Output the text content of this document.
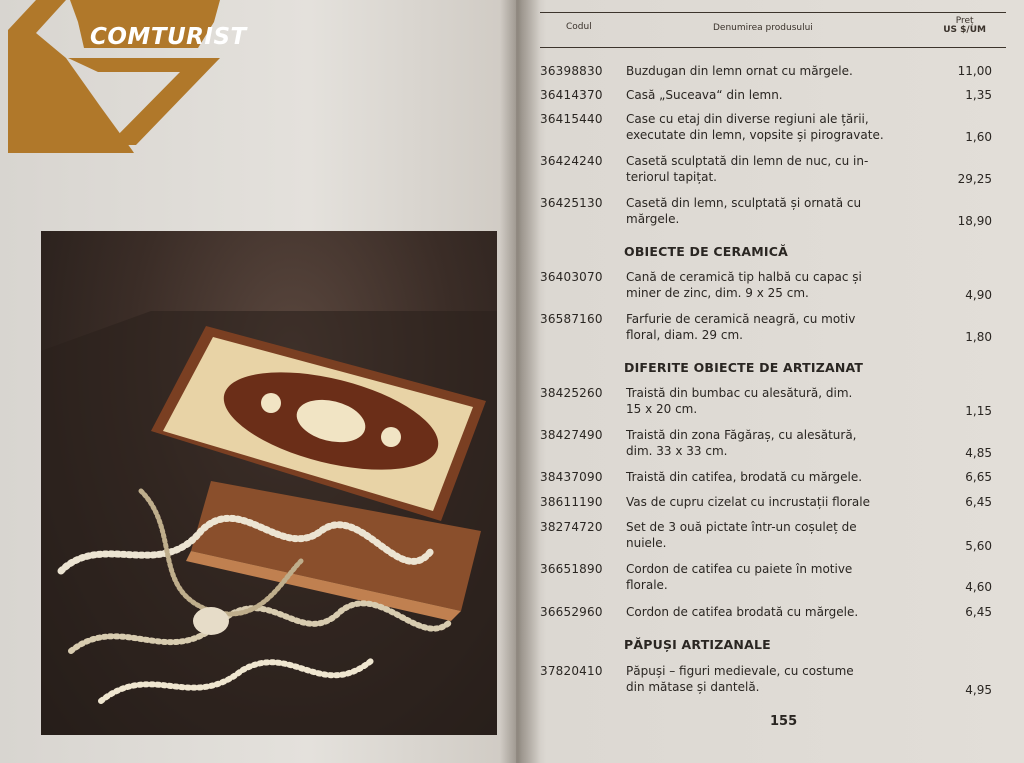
COMTURIST	Codul	Denumirea produsului
Preț
US $/UM
36398830	Buzdugan din lemn ornat cu mărgele.	11,00
36414370	Casă „Suceava“ din lemn.	1,35
36415440	Case cu etaj din diverse regiuni ale țării,
executate din lemn, vopsite și pirogravate.	1,60
36424240	Casetă sculptată din lemn de nuc, cu in-
teriorul tapițat.	29,25
36425130	Casetă din lemn, sculptată și ornată cu
mărgele.	18,90
OBIECTE DE CERAMICĂ
36403070	Cană de ceramică tip halbă cu capac și
miner de zinc, dim. 9 x 25 cm.	4,90
36587160	Farfurie de ceramică neagră, cu motiv
floral, diam. 29 cm.	1,80
DIFERITE OBIECTE DE ARTIZANAT
38425260	Traistă din bumbac cu alesătură, dim.
15 x 20 cm.	1,15
38427490	Traistă din zona Făgăraș, cu alesătură,
dim. 33 x 33 cm.	4,85
38437090	Traistă din catifea, brodată cu mărgele.	6,65
38611190	Vas de cupru cizelat cu incrustații florale	6,45
38274720	Set de 3 ouă pictate într-un coșuleț de
nuiele.	5,60
36651890	Cordon de catifea cu paiete în motive
florale.	4,60
36652960	Cordon de catifea brodată cu mărgele.	6,45
PĂPUȘI ARTIZANALE
37820410	Păpuși – figuri medievale, cu costume
din mătase și dantelă.	4,95
155
